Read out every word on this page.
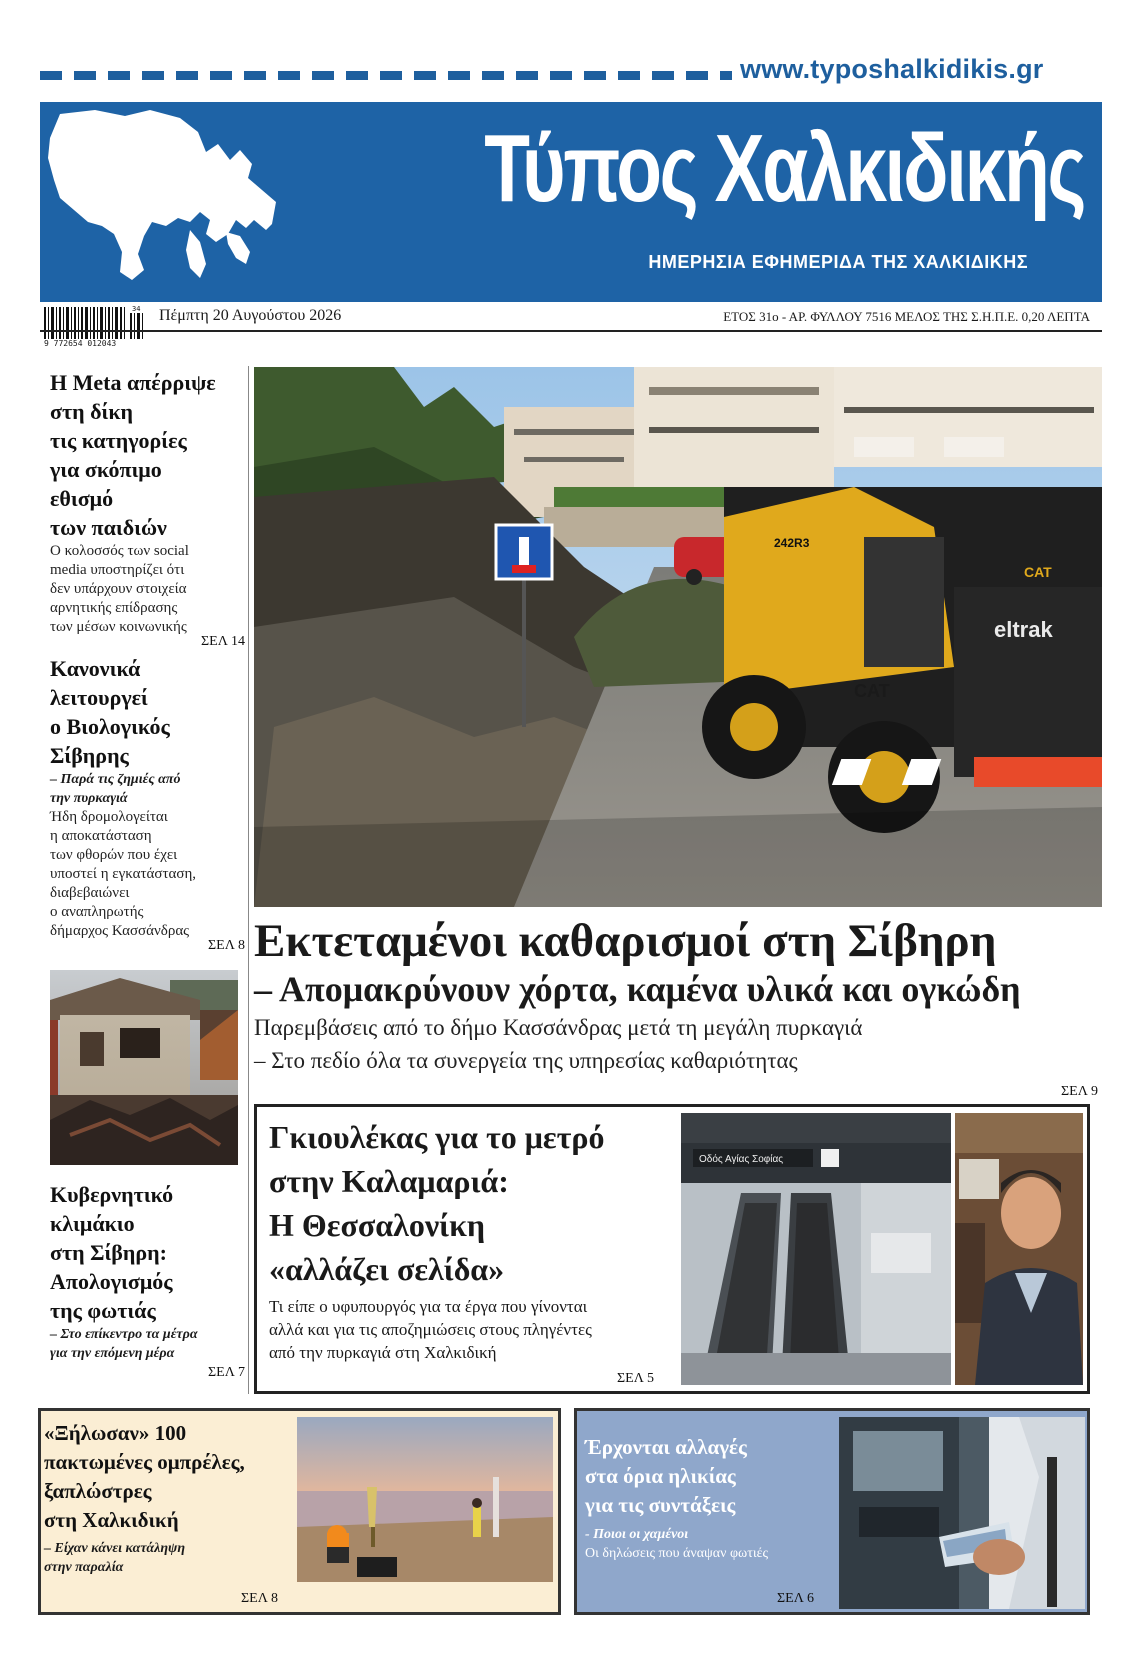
www.typoshalkidikis.gr
Τύπος Χαλκιδικής
ΗΜΕΡΗΣΙΑ ΕΦΗΜΕΡΙΔΑ ΤΗΣ ΧΑΛΚΙΔΙΚΗΣ
9 772654 012043
34 Πέμπτη 20 Αυγούστου 2026	ΕΤΟΣ 31ο - ΑΡ. ΦΥΛΛΟΥ 7516 ΜΕΛΟΣ ΤΗΣ Σ.Η.Π.Ε. 0,20 ΛΕΠΤΑ
Η Meta απέρριψε
στη δίκη
τις κατηγορίες
για σκόπιμο
εθισμό
των παιδιών
Ο κολοσσός των social
media υποστηρίζει ότι
δεν υπάρχουν στοιχεία
αρνητικής επίδρασης
των μέσων κοινωνικής
ΣΕΛ 14
Κανονικά
λειτουργεί
ο Βιολογικός
Σίβηρης
– Παρά τις ζημιές από
την πυρκαγιά
Ήδη δρομολογείται
η αποκατάσταση
των φθορών που έχει
υποστεί η εγκατάσταση,
διαβεβαιώνει
ο αναπληρωτής
δήμαρχος Κασσάνδρας
ΣΕΛ 8
Κυβερνητικό
κλιμάκιο
στη Σίβηρη:
Απολογισμός
της φωτιάς
– Στο επίκεντρο τα μέτρα
για την επόμενη μέρα
ΣΕΛ 7
eltrak
CAT
CAT
242R3
Εκτεταμένοι καθαρισμοί στη Σίβηρη
– Απομακρύνουν χόρτα, καμένα υλικά και ογκώδη
Παρεμβάσεις από το δήμο Κασσάνδρας μετά τη μεγάλη πυρκαγιά
– Στο πεδίο όλα τα συνεργεία της υπηρεσίας καθαριότητας
ΣΕΛ 9
Γκιουλέκας για το μετρό
στην Καλαμαριά:
Η Θεσσαλονίκη
«αλλάζει σελίδα»
Τι είπε ο υφυπουργός για τα έργα που γίνονται
αλλά και για τις αποζημιώσεις στους πληγέντες
από την πυρκαγιά στη Χαλκιδική
ΣΕΛ 5
Οδός Αγίας Σοφίας
«Ξήλωσαν» 100
πακτωμένες ομπρέλες,
ξαπλώστρες
στη Χαλκιδική
– Είχαν κάνει κατάληψη
στην παραλία
ΣΕΛ 8
Έρχονται αλλαγές
στα όρια ηλικίας
για τις συντάξεις
- Ποιοι οι χαμένοι
Οι δηλώσεις που άναψαν φωτιές
ΣΕΛ 6
